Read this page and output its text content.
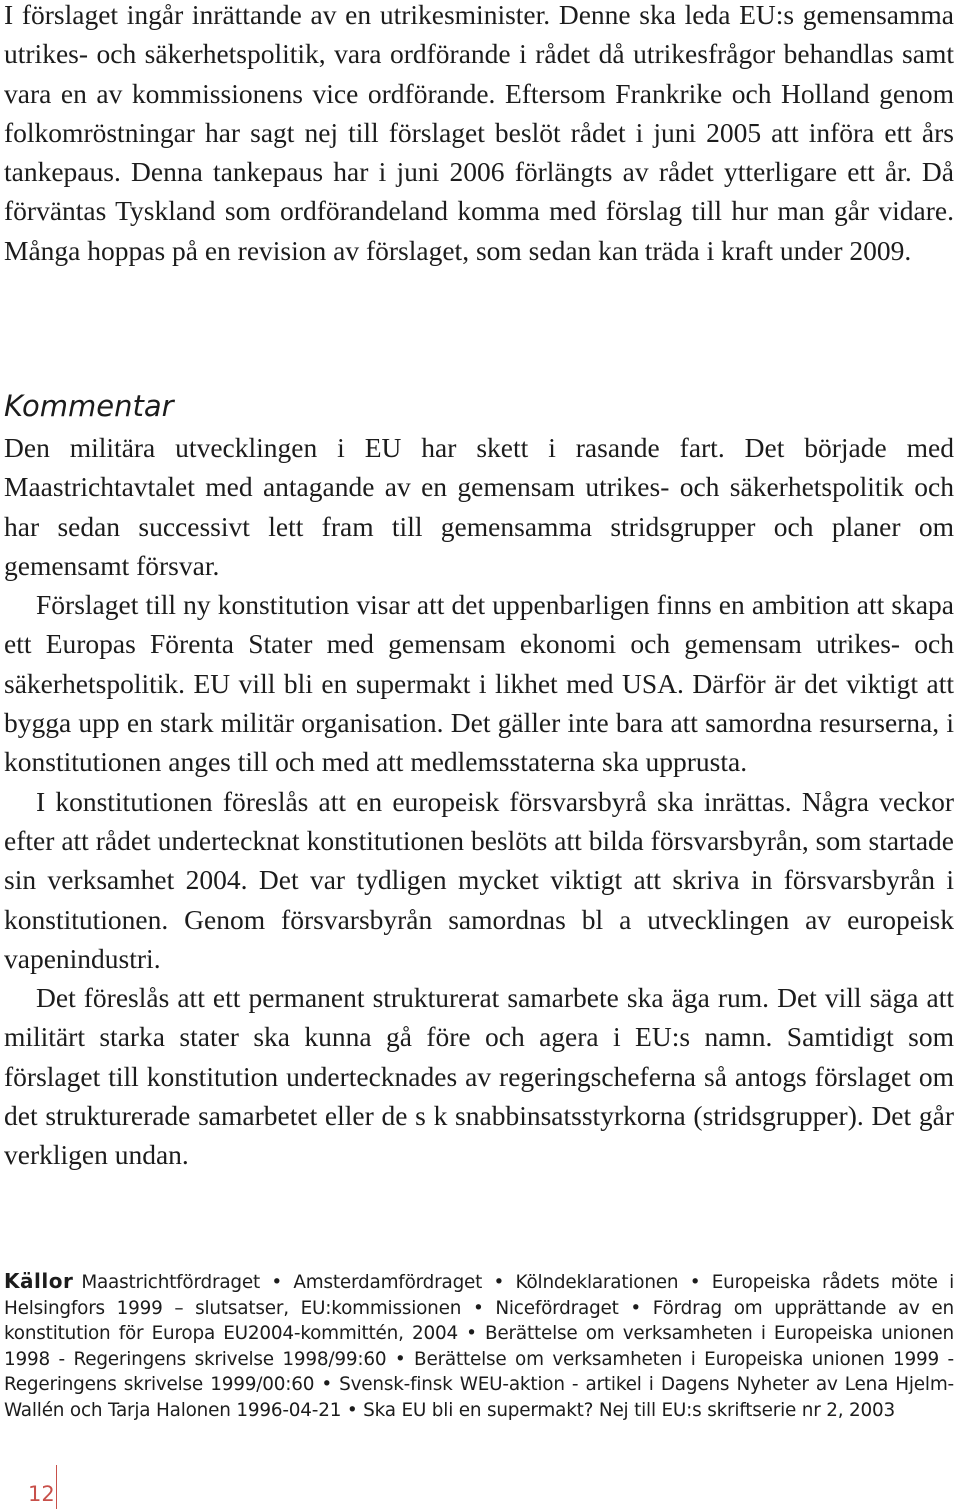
I förslaget ingår inrättande av en utrikesminister. Denne ska leda EU:s gemensamma utrikes- och säkerhetspolitik, vara ordförande i rådet då utrikesfrågor behandlas samt vara en av kommissionens vice ordförande. Eftersom Frankrike och Holland genom folkomröstningar har sagt nej till förslaget beslöt rådet i juni 2005 att införa ett års tankepaus. Denna tankepaus har i juni 2006 förlängts av rådet ytterligare ett år. Då förväntas Tyskland som ordförandeland komma med förslag till hur man går vidare. Många hoppas på en revision av förslaget, som sedan kan träda i kraft under 2009.

Kommentar

Den militära utvecklingen i EU har skett i rasande fart. Det började med Maastrichtavtalet med antagande av en gemensam utrikes- och säkerhetspolitik och har sedan successivt lett fram till gemensamma stridsgrupper och planer om gemensamt försvar.

Förslaget till ny konstitution visar att det uppenbarligen finns en ambition att skapa ett Europas Förenta Stater med gemensam ekonomi och gemensam utrikes- och säkerhetspolitik. EU vill bli en supermakt i likhet med USA. Därför är det viktigt att bygga upp en stark militär organisation. Det gäller inte bara att samordna resurserna, i konstitutionen anges till och med att medlemsstaterna ska upprusta.

I konstitutionen föreslås att en europeisk försvarsbyrå ska inrättas. Några veckor efter att rådet undertecknat konstitutionen beslöts att bilda försvarsbyrån, som startade sin verksamhet 2004. Det var tydligen mycket viktigt att skriva in försvarsbyrån i konstitutionen. Genom försvarsbyrån samordnas bl a utvecklingen av europeisk vapenindustri.

Det föreslås att ett permanent strukturerat samarbete ska äga rum. Det vill säga att militärt starka stater ska kunna gå före och agera i EU:s namn. Samtidigt som förslaget till konstitution undertecknades av regeringscheferna så antogs förslaget om det strukturerade samarbetet eller de s k snabbinsatsstyrkorna (stridsgrupper). Det går verkligen undan.

Källor Maastrichtfördraget • Amsterdamfördraget • Kölndeklarationen • Europeiska rådets möte i Helsingfors 1999 – slutsatser, EU:kommissionen • Nicefördraget • Fördrag om upprättande av en konstitution för Europa EU2004-kommittén, 2004 • Berättelse om verksamheten i Europeiska unionen 1998 - Regeringens skrivelse 1998/99:60 • Berättelse om verksamheten i Europeiska unionen 1999 - Regeringens skrivelse 1999/00:60 • Svensk-finsk WEU-aktion - artikel i Dagens Nyheter av Lena Hjelm-Wallén och Tarja Halonen 1996-04-21 • Ska EU bli en supermakt? Nej till EU:s skriftserie nr 2, 2003

12
